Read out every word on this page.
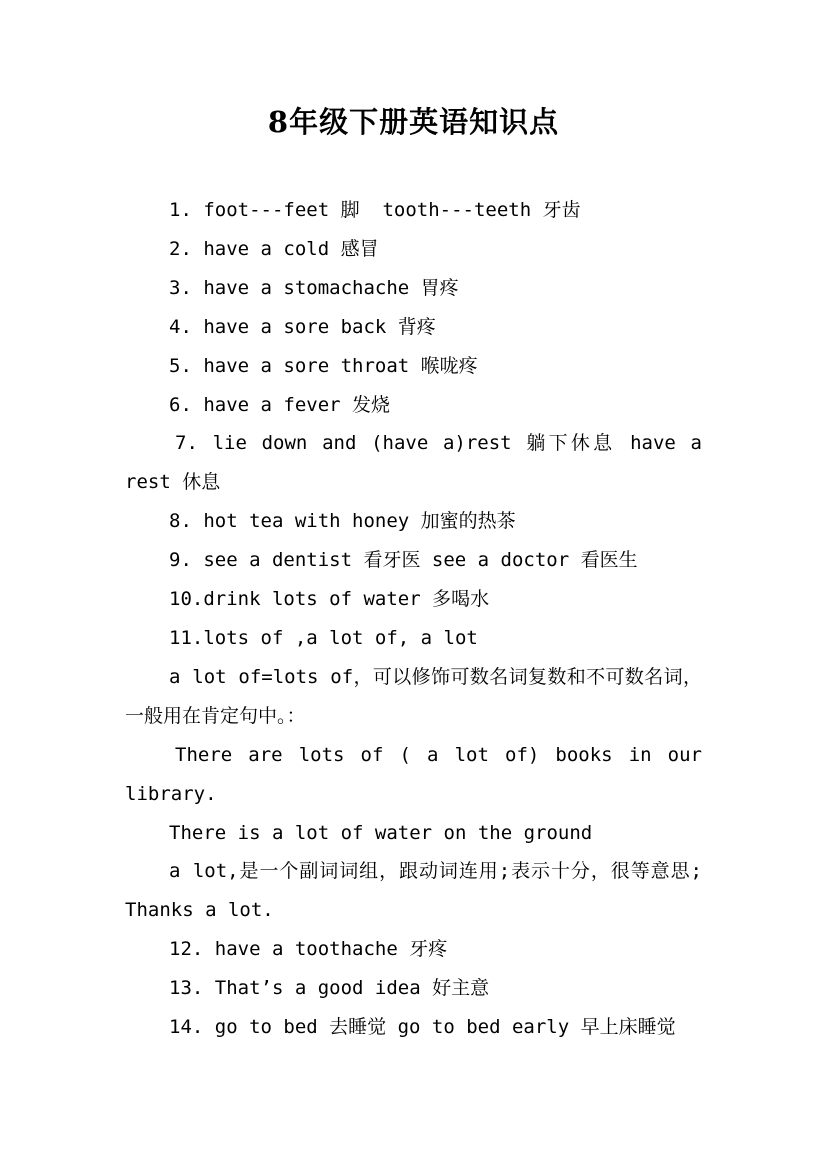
8年级下册英语知识点

1. foot---feet 脚  tooth---teeth 牙齿

2. have a cold 感冒

3. have a stomachache 胃疼

4. have a sore back 背疼

5. have a sore throat 喉咙疼

6. have a fever 发烧

7. lie down and (have a)rest 躺下休息 have a rest 休息

8. hot tea with honey 加蜜的热茶

9. see a dentist 看牙医 see a doctor 看医生

10.drink lots of water 多喝水

11.lots of ,a lot of, a lot

a lot of=lots of，可以修饰可数名词复数和不可数名词，一般用在肯定句中。：

There are lots of ( a lot of) books in our library.

There is a lot of water on the ground

a lot,是一个副词词组，跟动词连用;表示十分，很等意思; Thanks a lot.

12. have a toothache 牙疼

13. That’s a good idea 好主意

14. go to bed 去睡觉 go to bed early 早上床睡觉
